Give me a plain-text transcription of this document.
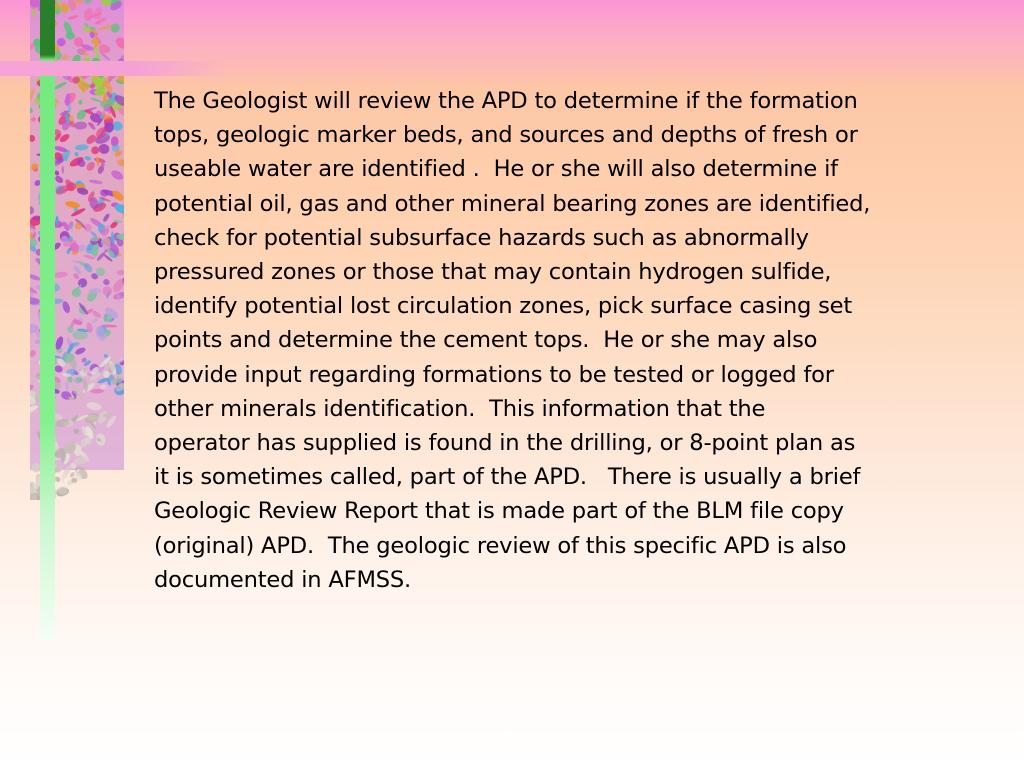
The Geologist will review the APD to determine if the formation
tops, geologic marker beds, and sources and depths of fresh or
useable water are identified .  He or she will also determine if
potential oil, gas and other mineral bearing zones are identified,
check for potential subsurface hazards such as abnormally
pressured zones or those that may contain hydrogen sulfide,
identify potential lost circulation zones, pick surface casing set
points and determine the cement tops.  He or she may also
provide input regarding formations to be tested or logged for
other minerals identification.  This information that the
operator has supplied is found in the drilling, or 8-point plan as
it is sometimes called, part of the APD.   There is usually a brief
Geologic Review Report that is made part of the BLM file copy
(original) APD.  The geologic review of this specific APD is also
documented in AFMSS.
